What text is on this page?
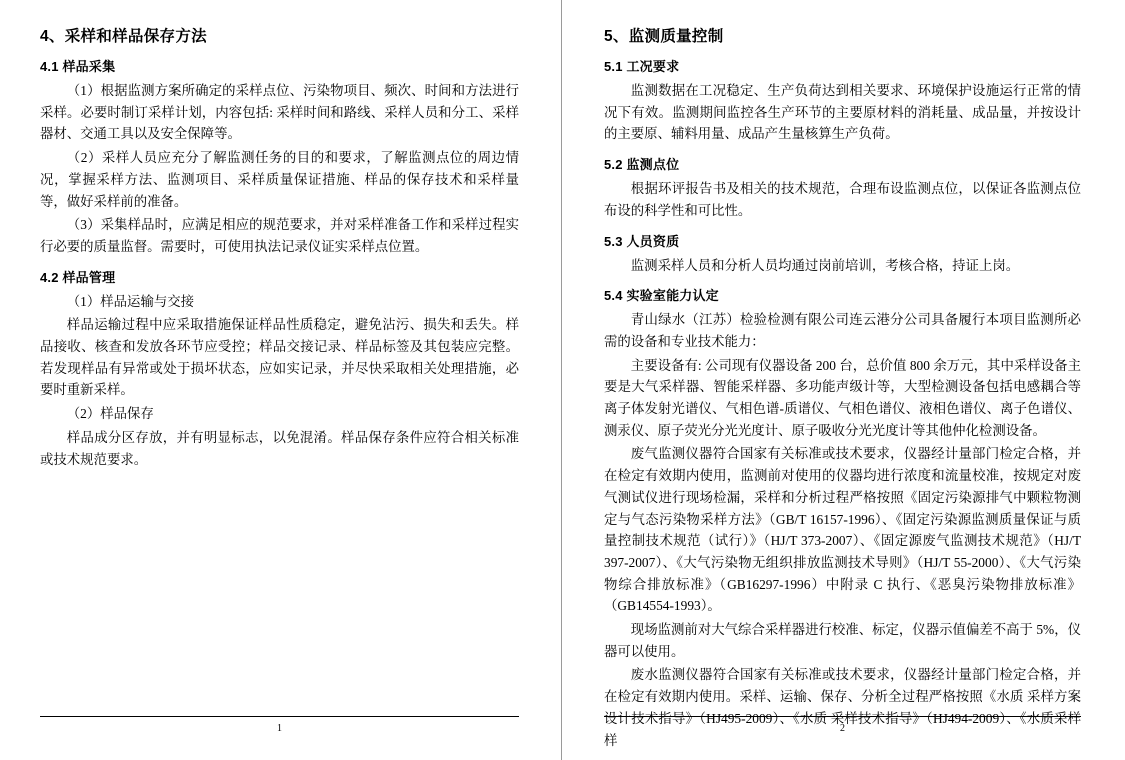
4、采样和样品保存方法
4.1 样品采集

（1）根据监测方案所确定的采样点位、污染物项目、频次、时间和方法进行采样。必要时制订采样计划，内容包括: 采样时间和路线、采样人员和分工、采样器材、交通工具以及安全保障等。

（2）采样人员应充分了解监测任务的目的和要求，了解监测点位的周边情况，掌握采样方法、监测项目、采样质量保证措施、样品的保存技术和采样量等，做好采样前的准备。

（3）采集样品时，应满足相应的规范要求，并对采样准备工作和采样过程实行必要的质量监督。需要时，可使用执法记录仪证实采样点位置。

4.2 样品管理

（1）样品运输与交接

样品运输过程中应采取措施保证样品性质稳定，避免沾污、损失和丢失。样品接收、核查和发放各环节应受控；样品交接记录、样品标签及其包装应完整。若发现样品有异常或处于损坏状态，应如实记录，并尽快采取相关处理措施，必要时重新采样。

（2）样品保存

样品成分区存放，并有明显标志，以免混淆。样品保存条件应符合相关标准或技术规范要求。

1
5、监测质量控制
5.1 工况要求

监测数据在工况稳定、生产负荷达到相关要求、环境保护设施运行正常的情况下有效。监测期间监控各生产环节的主要原材料的消耗量、成品量，并按设计的主要原、辅料用量、成品产生量核算生产负荷。

5.2 监测点位

根据环评报告书及相关的技术规范，合理布设监测点位，以保证各监测点位布设的科学性和可比性。

5.3 人员资质

监测采样人员和分析人员均通过岗前培训，考核合格，持证上岗。

5.4 实验室能力认定

青山绿水（江苏）检验检测有限公司连云港分公司具备履行本项目监测所必需的设备和专业技术能力：

主要设备有: 公司现有仪器设备 200 台，总价值 800 余万元，其中采样设备主要是大气采样器、智能采样器、多功能声级计等，大型检测设备包括电感耦合等离子体发射光谱仪、气相色谱-质谱仪、气相色谱仪、液相色谱仪、离子色谱仪、测汞仪、原子荧光分光光度计、原子吸收分光光度计等其他仲化检测设备。

废气监测仪器符合国家有关标准或技术要求，仪器经计量部门检定合格，并在检定有效期内使用，监测前对使用的仪器均进行浓度和流量校准，按规定对废气测试仪进行现场检漏，采样和分析过程严格按照《固定污染源排气中颗粒物测定与气态污染物采样方法》（GB/T 16157-1996）、《固定污染源监测质量保证与质量控制技术规范（试行）》（HJ/T 373-2007）、《固定源废气监测技术规范》（HJ/T 397-2007）、《大气污染物无组织排放监测技术导则》（HJ/T 55-2000）、《大气污染物综合排放标准》（GB16297-1996）中附录 C 执行、《恶臭污染物排放标准》（GB14554-1993）。

现场监测前对大气综合采样器进行校准、标定，仪器示值偏差不高于 5%，仪器可以使用。

废水监测仪器符合国家有关标准或技术要求，仪器经计量部门检定合格，并在检定有效期内使用。采样、运输、保存、分析全过程严格按照《水质 采样方案设计技术指导》（HJ495-2009）、《水质 采样技术指导》（HJ494-2009）、《水质采样 样

2
